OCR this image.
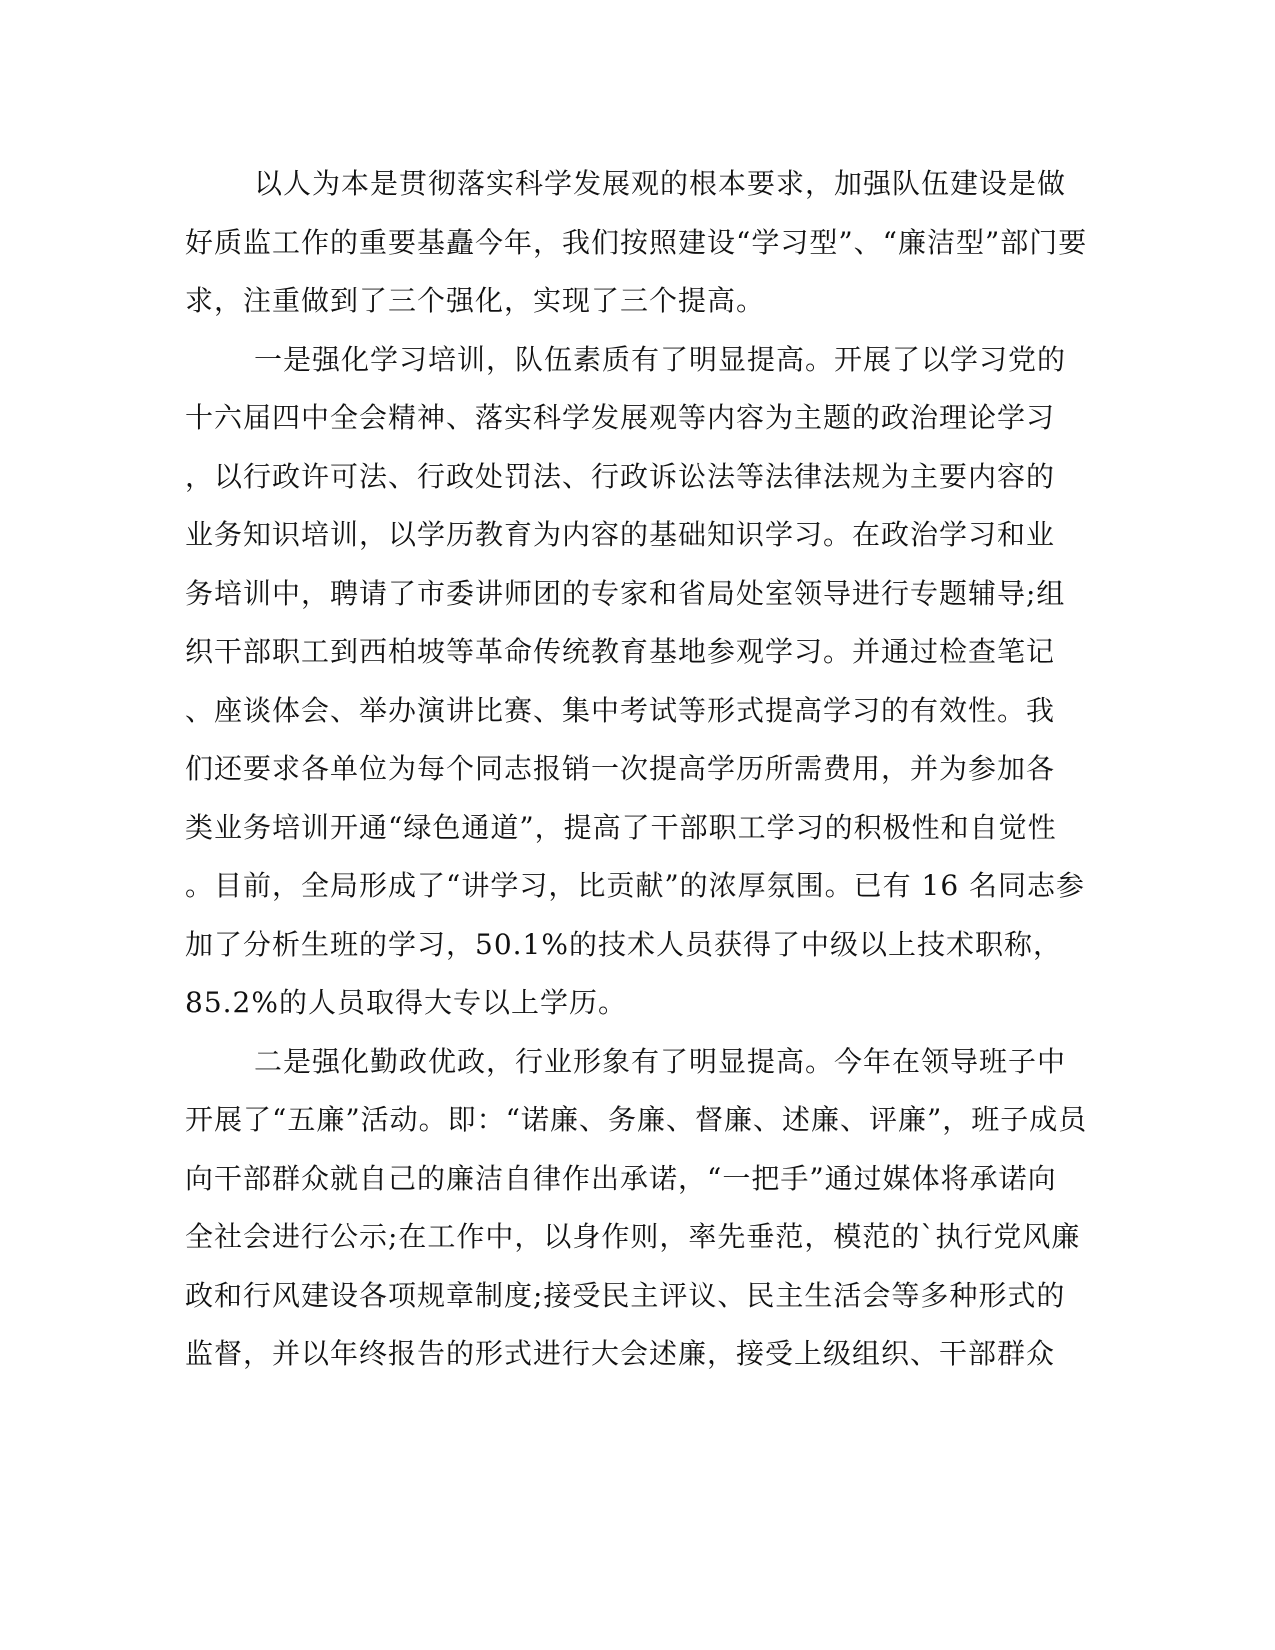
以人为本是贯彻落实科学发展观的根本要求，加强队伍建设是做
好质监工作的重要基矗今年，我们按照建设“学习型”、“廉洁型”部门要
求，注重做到了三个强化，实现了三个提高。
一是强化学习培训，队伍素质有了明显提高。开展了以学习党的
十六届四中全会精神、落实科学发展观等内容为主题的政治理论学习
，以行政许可法、行政处罚法、行政诉讼法等法律法规为主要内容的
业务知识培训，以学历教育为内容的基础知识学习。在政治学习和业
务培训中，聘请了市委讲师团的专家和省局处室领导进行专题辅导;组
织干部职工到西柏坡等革命传统教育基地参观学习。并通过检查笔记
、座谈体会、举办演讲比赛、集中考试等形式提高学习的有效性。我
们还要求各单位为每个同志报销一次提高学历所需费用，并为参加各
类业务培训开通“绿色通道”，提高了干部职工学习的积极性和自觉性
。目前，全局形成了“讲学习，比贡献”的浓厚氛围。已有 16 名同志参
加了分析生班的学习，50.1%的技术人员获得了中级以上技术职称，
85.2%的人员取得大专以上学历。
二是强化勤政优政，行业形象有了明显提高。今年在领导班子中
开展了“五廉”活动。即：“诺廉、务廉、督廉、述廉、评廉”，班子成员
向干部群众就自己的廉洁自律作出承诺，“一把手”通过媒体将承诺向
全社会进行公示;在工作中，以身作则，率先垂范，模范的`执行党风廉
政和行风建设各项规章制度;接受民主评议、民主生活会等多种形式的
监督，并以年终报告的形式进行大会述廉，接受上级组织、干部群众
